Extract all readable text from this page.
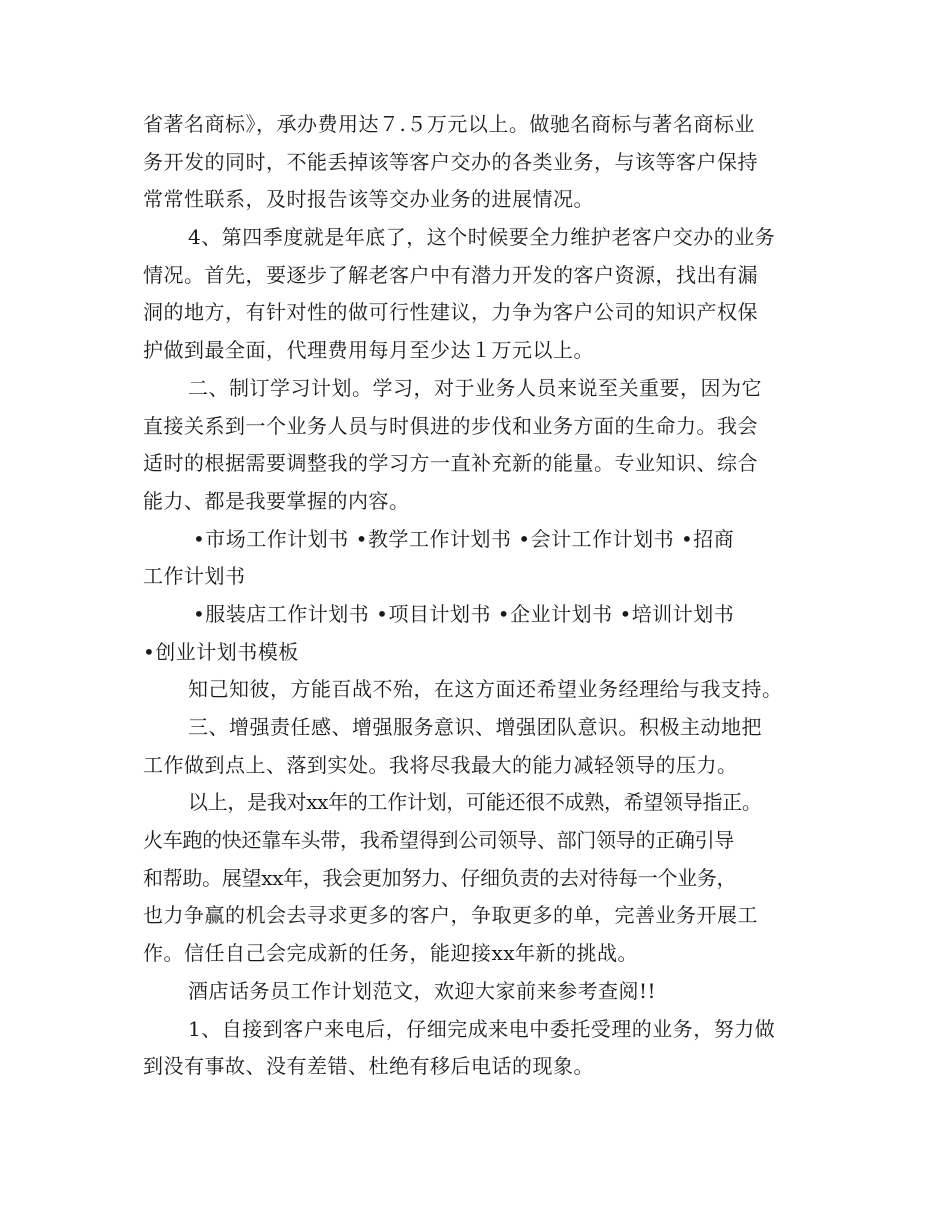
省著名商标》，承办费用达７.５万元以上。做驰名商标与著名商标业
务开发的同时，不能丢掉该等客户交办的各类业务，与该等客户保持
常常性联系，及时报告该等交办业务的进展情况。
4、第四季度就是年底了，这个时候要全力维护老客户交办的业务
情况。首先，要逐步了解老客户中有潜力开发的客户资源，找出有漏
洞的地方，有针对性的做可行性建议，力争为客户公司的知识产权保
护做到最全面，代理费用每月至少达１万元以上。
二、制订学习计划。学习，对于业务人员来说至关重要，因为它
直接关系到一个业务人员与时俱进的步伐和业务方面的生命力。我会
适时的根据需要调整我的学习方一直补充新的能量。专业知识、综合
能力、都是我要掌握的内容。
•市场工作计划书 •教学工作计划书 •会计工作计划书 •招商
工作计划书
•服装店工作计划书 •项目计划书 •企业计划书 •培训计划书
•创业计划书模板
知己知彼，方能百战不殆，在这方面还希望业务经理给与我支持。
三、增强责任感、增强服务意识、增强团队意识。积极主动地把
工作做到点上、落到实处。我将尽我最大的能力减轻领导的压力。
以上，是我对xx年的工作计划，可能还很不成熟，希望领导指正。
火车跑的快还靠车头带，我希望得到公司领导、部门领导的正确引导
和帮助。展望xx年，我会更加努力、仔细负责的去对待每一个业务，
也力争赢的机会去寻求更多的客户，争取更多的单，完善业务开展工
作。信任自己会完成新的任务，能迎接xx年新的挑战。
酒店话务员工作计划范文，欢迎大家前来参考查阅!!
1、自接到客户来电后，仔细完成来电中委托受理的业务，努力做
到没有事故、没有差错、杜绝有移后电话的现象。
